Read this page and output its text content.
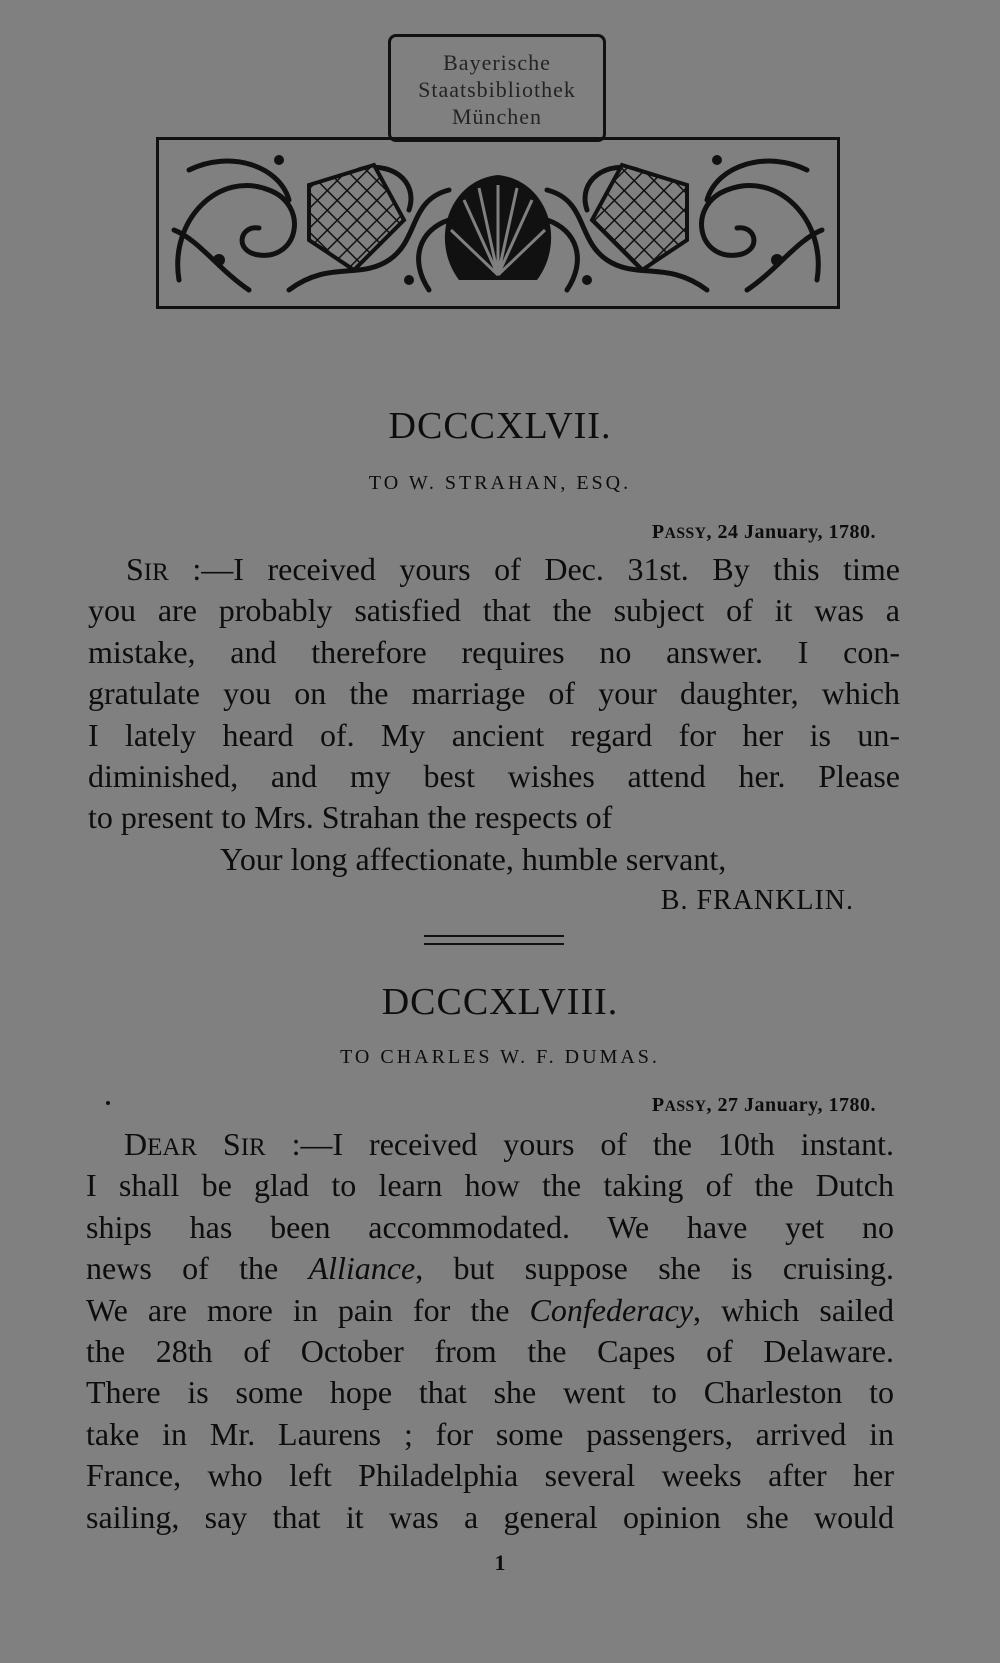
Bayerische
Staatsbibliothek
München
DCCCXLVII.
TO W. STRAHAN, ESQ.
PASSY, 24 January, 1780.
SIR :—I received yours of Dec. 31st. By this time
you are probably satisfied that the subject of it was a
mistake, and therefore requires no answer. I con-
gratulate you on the marriage of your daughter, which
I lately heard of. My ancient regard for her is un-
diminished, and my best wishes attend her. Please
to present to Mrs. Strahan the respects of
Your long affectionate, humble servant,
B. FRANKLIN.
DCCCXLVIII.
TO CHARLES W. F. DUMAS.
PASSY, 27 January, 1780.
DEAR SIR :—I received yours of the 10th instant.
I shall be glad to learn how the taking of the Dutch
ships has been accommodated. We have yet no
news of the Alliance, but suppose she is cruising.
We are more in pain for the Confederacy, which sailed
the 28th of October from the Capes of Delaware.
There is some hope that she went to Charleston to
take in Mr. Laurens ; for some passengers, arrived in
France, who left Philadelphia several weeks after her
sailing, say that it was a general opinion she would
1
